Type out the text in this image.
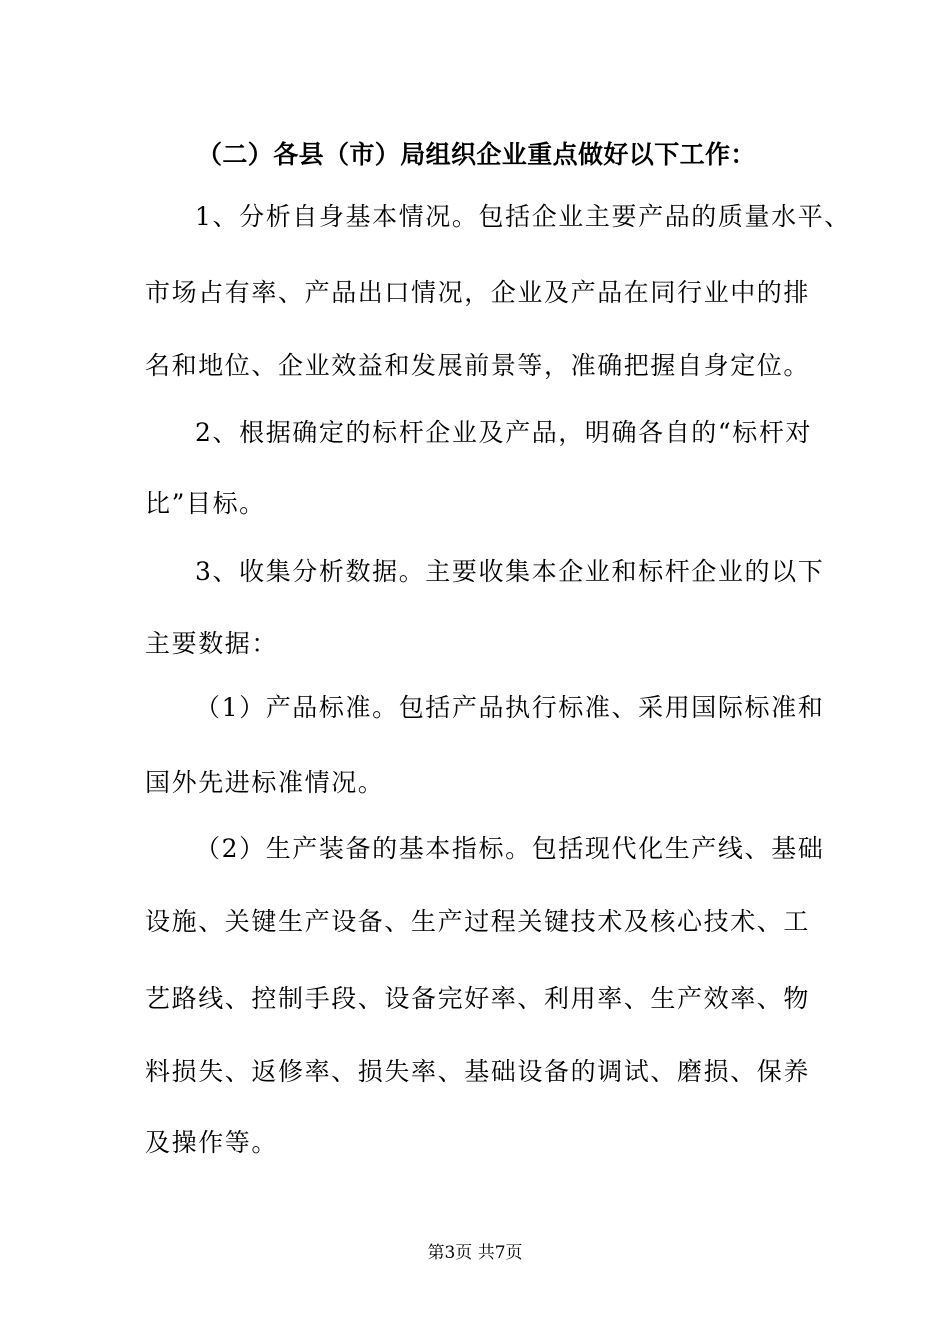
（二）各县（市）局组织企业重点做好以下工作：
1、分析自身基本情况。包括企业主要产品的质量水平、
市场占有率、产品出口情况，企业及产品在同行业中的排
名和地位、企业效益和发展前景等，准确把握自身定位。
2、根据确定的标杆企业及产品，明确各自的“标杆对
比”目标。
3、收集分析数据。主要收集本企业和标杆企业的以下
主要数据：
（1）产品标准。包括产品执行标准、采用国际标准和
国外先进标准情况。
（2）生产装备的基本指标。包括现代化生产线、基础
设施、关键生产设备、生产过程关键技术及核心技术、工
艺路线、控制手段、设备完好率、利用率、生产效率、物
料损失、返修率、损失率、基础设备的调试、磨损、保养
及操作等。
第3页 共7页
